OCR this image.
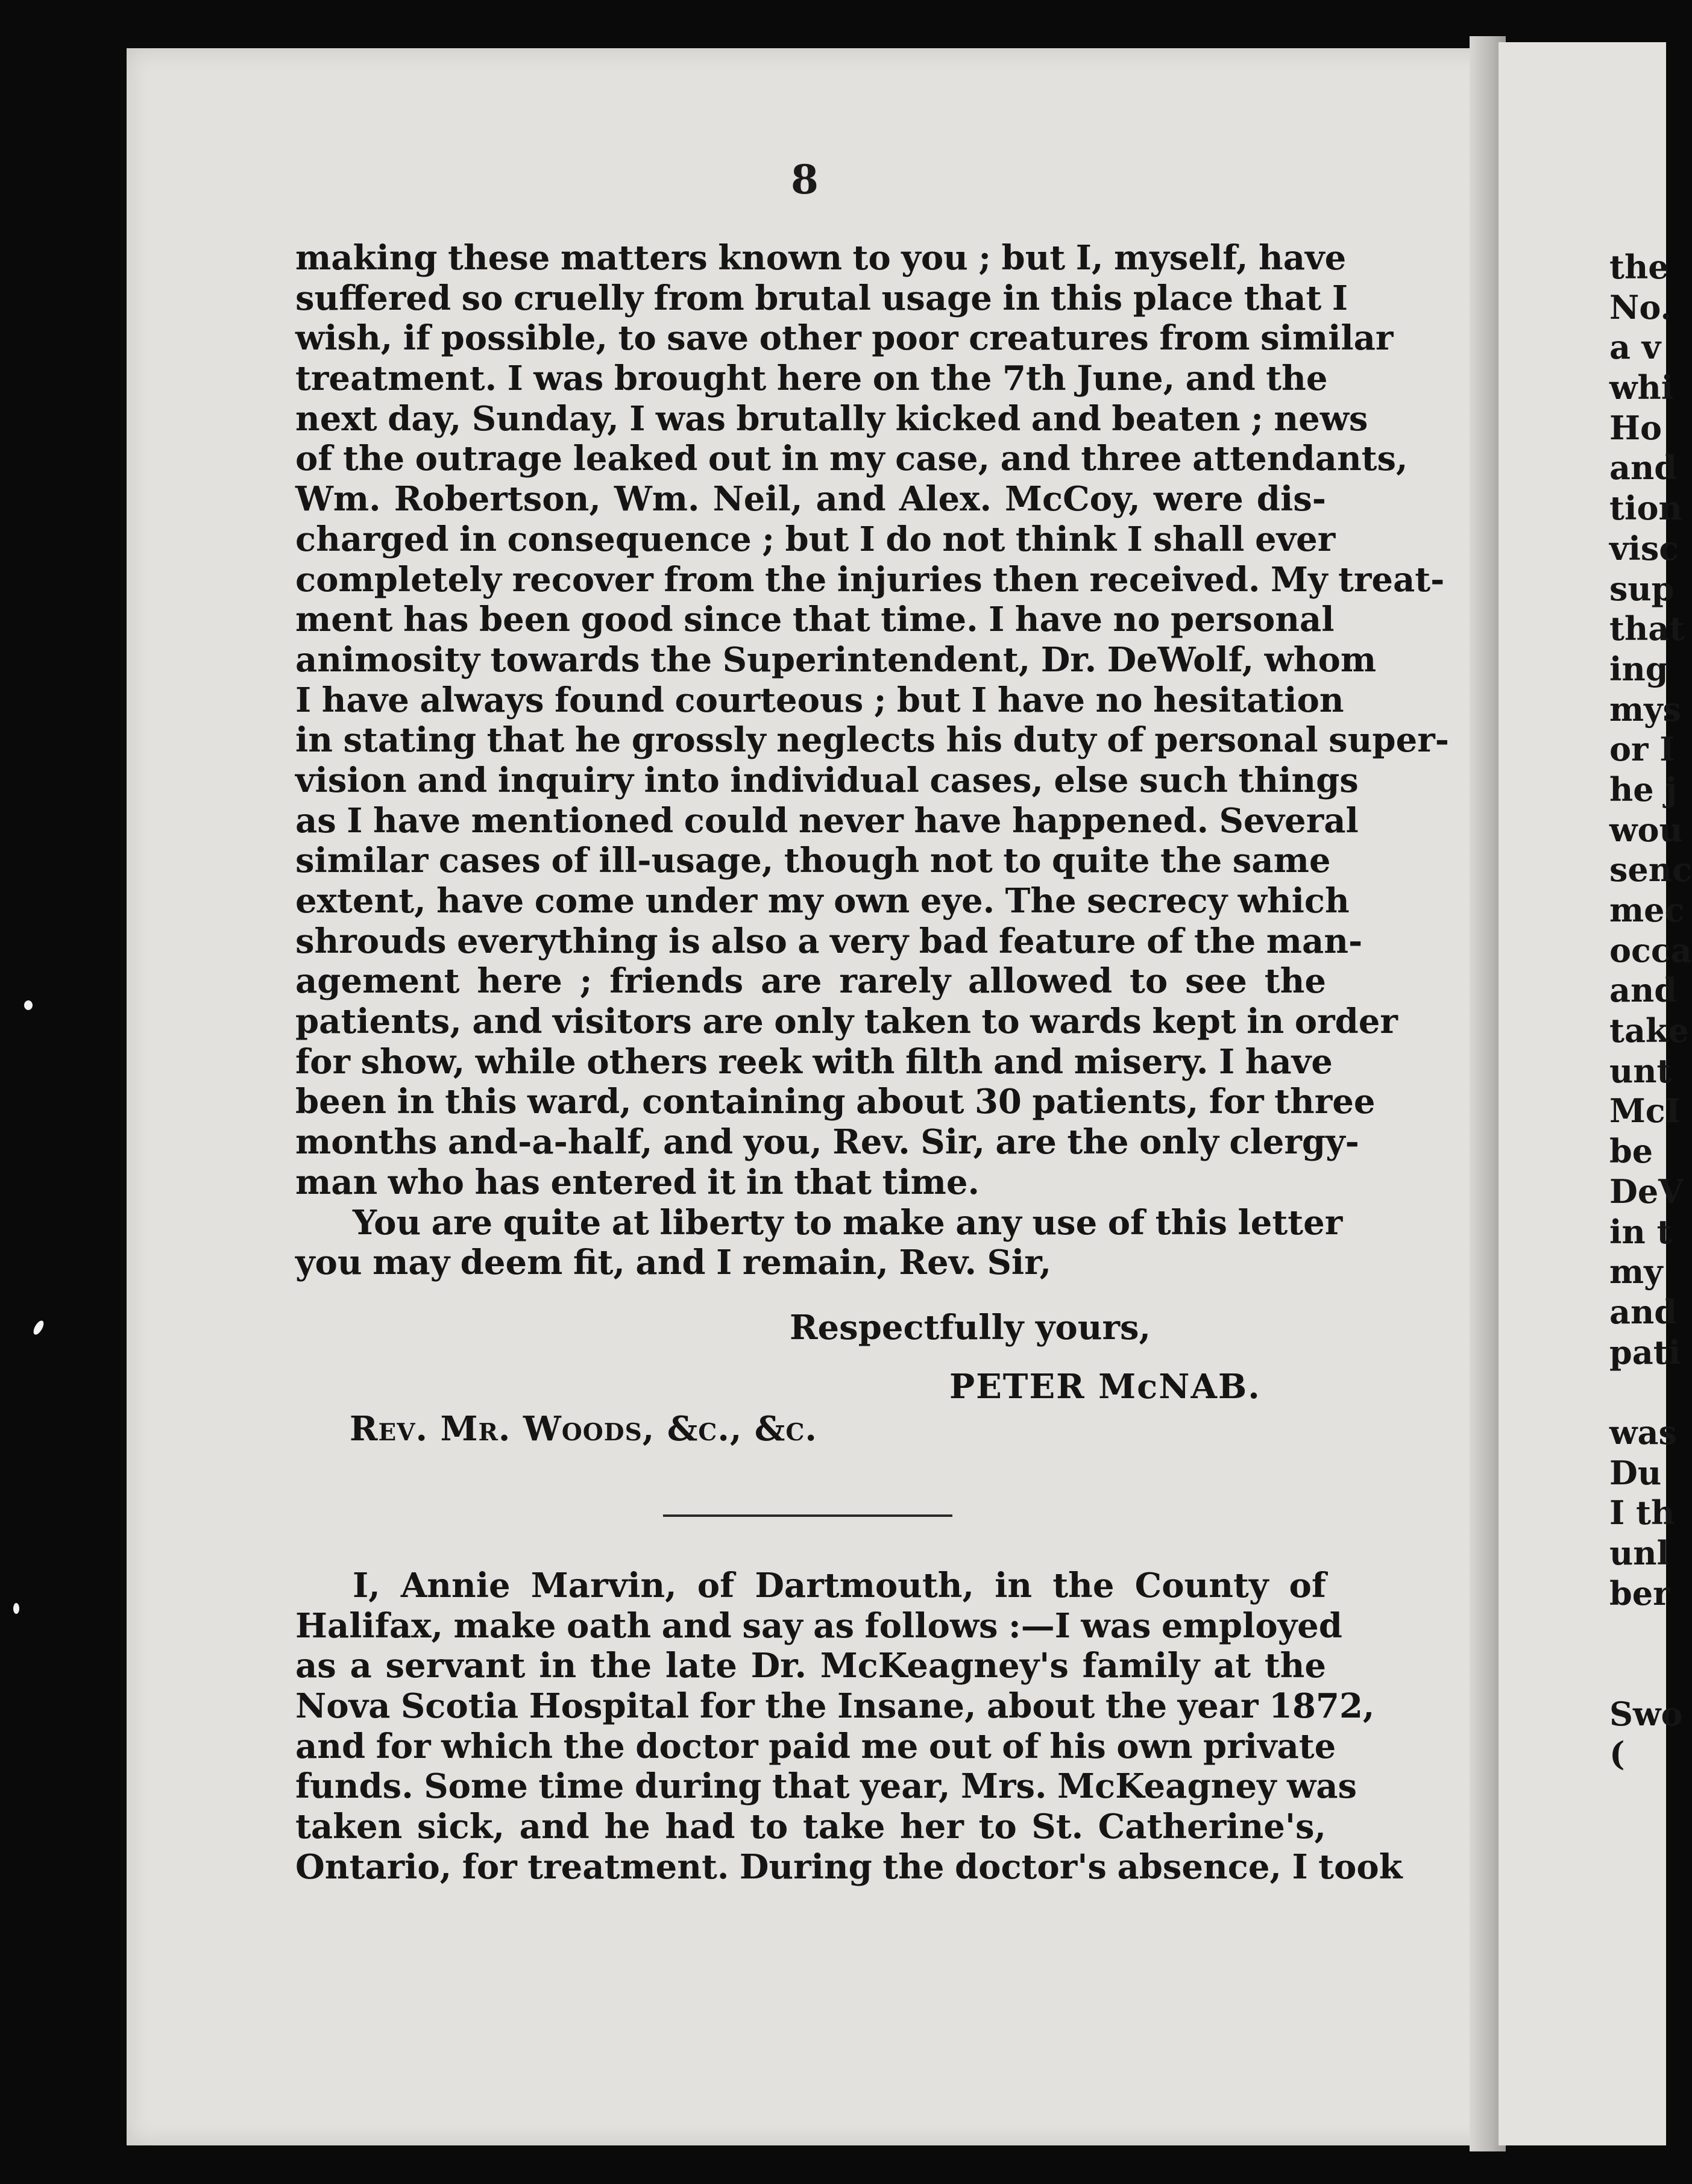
8
making these matters known to you ; but I, myself, have
suffered so cruelly from brutal usage in this place that I
wish, if possible, to save other poor creatures from similar
treatment. I was brought here on the 7th June, and the
next day, Sunday, I was brutally kicked and beaten ; news
of the outrage leaked out in my case, and three attendants,
Wm. Robertson, Wm. Neil, and Alex. McCoy, were dis-
charged in consequence ; but I do not think I shall ever
completely recover from the injuries then received. My treat-
ment has been good since that time. I have no personal
animosity towards the Superintendent, Dr. DeWolf, whom
I have always found courteous ; but I have no hesitation
in stating that he grossly neglects his duty of personal super-
vision and inquiry into individual cases, else such things
as I have mentioned could never have happened. Several
similar cases of ill-usage, though not to quite the same
extent, have come under my own eye. The secrecy which
shrouds everything is also a very bad feature of the man-
agement here ; friends are rarely allowed to see the
patients, and visitors are only taken to wards kept in order
for show, while others reek with filth and misery. I have
been in this ward, containing about 30 patients, for three
months and-a-half, and you, Rev. Sir, are the only clergy-
man who has entered it in that time.
You are quite at liberty to make any use of this letter
you may deem fit, and I remain, Rev. Sir,
Respectfully yours,
PETER McNAB.
Rev. Mr. Woods, &c., &c.
I, Annie Marvin, of Dartmouth, in the County of
Halifax, make oath and say as follows :—I was employed
as a servant in the late Dr. McKeagney's family at the
Nova Scotia Hospital for the Insane, about the year 1872,
and for which the doctor paid me out of his own private
funds. Some time during that year, Mrs. McKeagney was
taken sick, and he had to take her to St. Catherine's,
Ontario, for treatment. During the doctor's absence, I took
the
No.
a v
whi
Ho
and
tion
visc
sup
that
ing
mys
or I
he j
wou
senc
mec
occa
and
take
unt
McI
be
DeV
in t
my
and
pati
was
Du
I th
unl
ber
Swo
(
